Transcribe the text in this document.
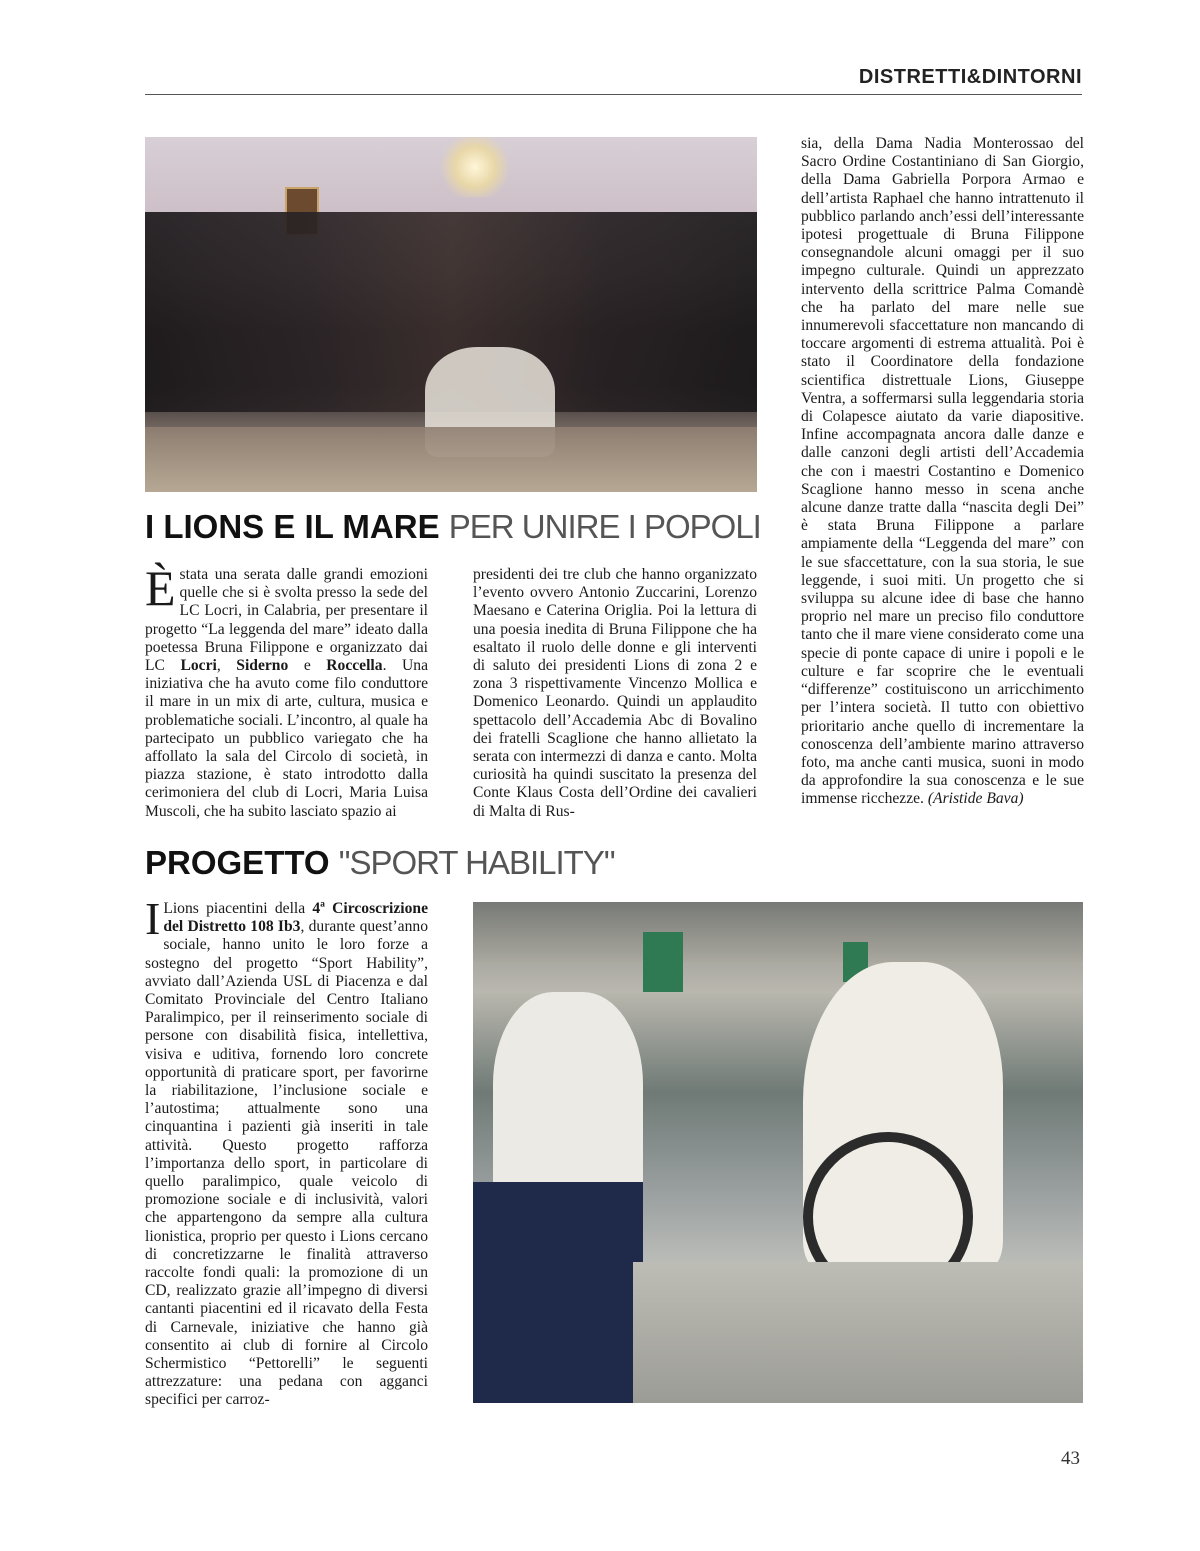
DISTRETTI&DINTORNI
I LIONS E IL MARE PER UNIRE I POPOLI

Èstata una serata dalle grandi emozioni quelle che si è svolta presso la sede del LC Locri, in Calabria, per presentare il progetto “La leggenda del mare” ideato dalla poetessa Bruna Filippone e organizzato dai LC Locri, Siderno e Roccella. Una iniziativa che ha avuto come filo conduttore il mare in un mix di arte, cultura, musica e problematiche sociali. L’incontro, al quale ha partecipato un pubblico variegato che ha affollato la sala del Circolo di società, in piazza stazione, è stato introdotto dalla cerimoniera del club di Locri, Maria Luisa Muscoli, che ha subito lasciato spazio ai

presidenti dei tre club che hanno organizzato l’evento ovvero Antonio Zuccarini, Lorenzo Maesano e Caterina Origlia. Poi la lettura di una poesia inedita di Bruna Filippone che ha esaltato il ruolo delle donne e gli interventi di saluto dei presidenti Lions di zona 2 e zona 3 rispettivamente Vincenzo Mollica e Domenico Leonardo. Quindi un applaudito spettacolo dell’Accademia Abc di Bovalino dei fratelli Scaglione che hanno allietato la serata con intermezzi di danza e canto. Molta curiosità ha quindi suscitato la presenza del Conte Klaus Costa dell’Ordine dei cavalieri di Malta di Rus-

sia, della Dama Nadia Monterossao del Sacro Ordine Costantiniano di San Giorgio, della Dama Gabriella Porpora Armao e dell’artista Raphael che hanno intrattenuto il pubblico parlando anch’essi dell’interessante ipotesi progettuale di Bruna Filippone consegnandole alcuni omaggi per il suo impegno culturale. Quindi un apprezzato intervento della scrittrice Palma Comandè che ha parlato del mare nelle sue innumerevoli sfaccettature non mancando di toccare argomenti di estrema attualità. Poi è stato il Coordinatore della fondazione scientifica distrettuale Lions, Giuseppe Ventra, a soffermarsi sulla leggendaria storia di Colapesce aiutato da varie diapositive. Infine accompagnata ancora dalle danze e dalle canzoni degli artisti dell’Accademia che con i maestri Costantino e Domenico Scaglione hanno messo in scena anche alcune danze tratte dalla “nascita degli Dei” è stata Bruna Filippone a parlare ampiamente della “Leggenda del mare” con le sue sfaccettature, con la sua storia, le sue leggende, i suoi miti. Un progetto che si sviluppa su alcune idee di base che hanno proprio nel mare un preciso filo conduttore tanto che il mare viene considerato come una specie di ponte capace di unire i popoli e le culture e far scoprire che le eventuali “differenze” costituiscono un arricchimento per l’intera società. Il tutto con obiettivo prioritario anche quello di incrementare la conoscenza dell’ambiente marino attraverso foto, ma anche canti musica, suoni in modo da approfondire la sua conoscenza e le sue immense ricchezze. (Aristide Bava)

PROGETTO "SPORT HABILITY"

I Lions piacentini della 4ª Circoscrizione del Distretto 108 Ib3, durante quest’anno sociale, hanno unito le loro forze a sostegno del progetto “Sport Hability”, avviato dall’Azienda USL di Piacenza e dal Comitato Provinciale del Centro Italiano Paralimpico, per il reinserimento sociale di persone con disabilità fisica, intellettiva, visiva e uditiva, fornendo loro concrete opportunità di praticare sport, per favorirne la riabilitazione, l’inclusione sociale e l’autostima; attualmente sono una cinquantina i pazienti già inseriti in tale attività. Questo progetto rafforza l’importanza dello sport, in particolare di quello paralimpico, quale veicolo di promozione sociale e di inclusività, valori che appartengono da sempre alla cultura lionistica, proprio per questo i Lions cercano di concretizzarne le finalità attraverso raccolte fondi quali: la promozione di un CD, realizzato grazie all’impegno di diversi cantanti piacentini ed il ricavato della Festa di Carnevale, iniziative che hanno già consentito ai club di fornire al Circolo Schermistico “Pettorelli” le seguenti attrezzature: una pedana con agganci specifici per carroz-

43
